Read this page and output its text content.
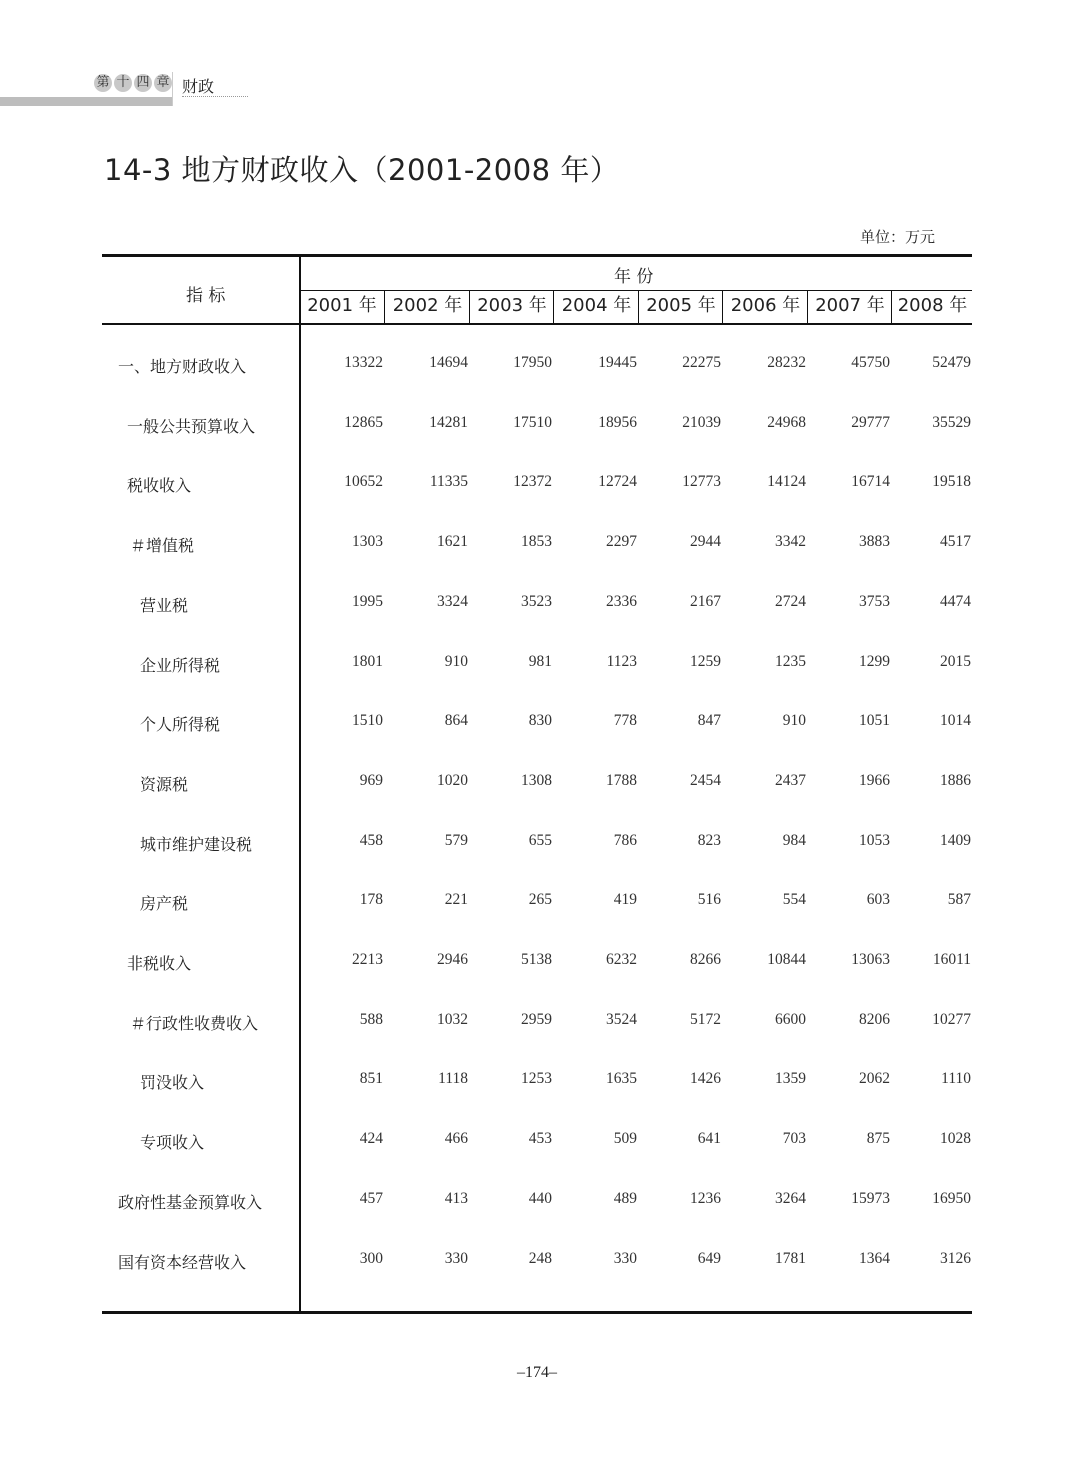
第 十 四 章 财政
14-3 地方财政收入（2001-2008 年）
单位：万元
指 标
年 份
2001 年 2002 年 2003 年 2004 年 2005 年 2006 年 2007 年 2008 年
一、地方财政收入	13322	14694	17950	19445	22275	28232	45750	52479
一般公共预算收入	12865	14281	17510	18956	21039	24968	29777	35529
税收收入	10652	11335	12372	12724	12773	14124	16714	19518
＃增值税	1303	1621	1853	2297	2944	3342	3883	4517
营业税	1995	3324	3523	2336	2167	2724	3753	4474
企业所得税	1801	910	981	1123	1259	1235	1299	2015
个人所得税	1510	864	830	778	847	910	1051	1014
资源税	969	1020	1308	1788	2454	2437	1966	1886
城市维护建设税	458	579	655	786	823	984	1053	1409
房产税	178	221	265	419	516	554	603	587
非税收入	2213	2946	5138	6232	8266	10844	13063	16011
＃行政性收费收入	588	1032	2959	3524	5172	6600	8206	10277
罚没收入	851	1118	1253	1635	1426	1359	2062	1110
专项收入	424	466	453	509	641	703	875	1028
政府性基金预算收入	457	413	440	489	1236	3264	15973	16950
国有资本经营收入	300	330	248	330	649	1781	1364	3126
–174–
